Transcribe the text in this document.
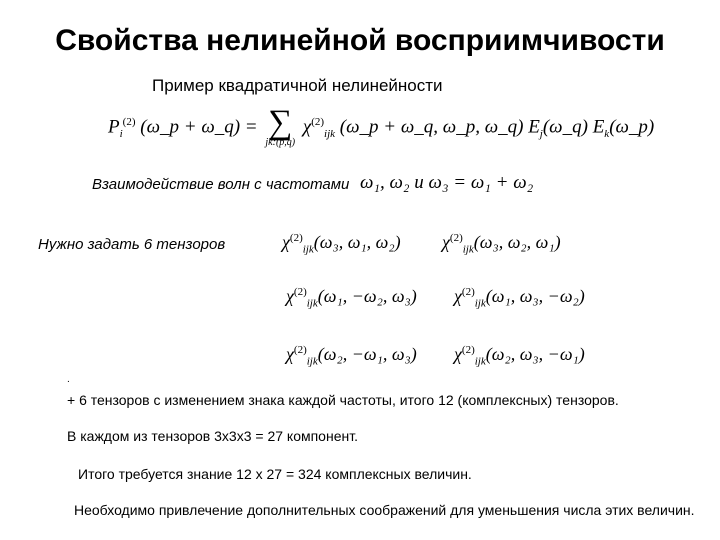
Свойства нелинейной восприимчивости
Пример квадратичной нелинейности
$P_i^{(2)}$ (ω_p + ω_q) = ∑
jk:(p,q)
$\chi^{(2)}_{ijk}$ (ω_p + ω_q, ω_p, ω_q) $E_j(\omega\_q)$ $E_k(\omega\_p)$
Взаимодействие волн с частотами ω₁, ω₂ и ω₃ = ω₁ + ω₂
Нужно задать 6 тензоров	$\chi^{(2)}_{ijk}(\omega_3$, ω₁, ω₂) $\chi^{(2)}_{ijk}(\omega_3$, ω₂, ω₁)
$\chi^{(2)}_{ijk}(\omega_1$, −ω₂, ω₃) $\chi^{(2)}_{ijk}(\omega_1$, ω₃, −ω₂)
$\chi^{(2)}_{ijk}(\omega_2$, −ω₁, ω₃) $\chi^{(2)}_{ijk}(\omega_2$, ω₃, −ω₁)
.
+ 6 тензоров с изменением знака каждой частоты, итого 12 (комплексных) тензоров.
В каждом из тензоров 3х3х3 = 27 компонент.
Итого требуется знание 12 х 27 = 324 комплексных величин.
Необходимо привлечение дополнительных соображений для уменьшения числа этих величин.
